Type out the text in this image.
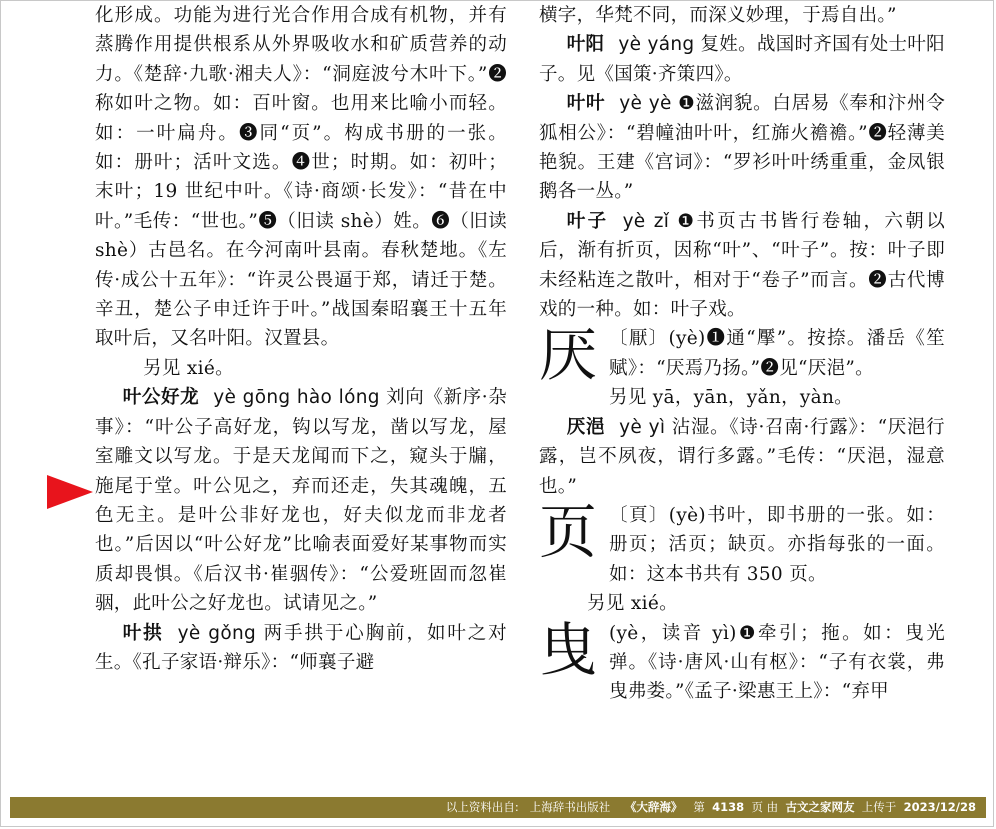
化形成。功能为进行光合作用合成有机物，并有蒸腾作用提供根系从外界吸收水和矿质营养的动力。《楚辞·九歌·湘夫人》：“洞庭波兮木叶下。”❷称如叶之物。如：百叶窗。也用来比喻小而轻。如：一叶扁舟。❸同“页”。构成书册的一张。如：册叶；活叶文选。❹世；时期。如：初叶；末叶；19 世纪中叶。《诗·商颂·长发》：“昔在中叶。”毛传：“世也。”❺（旧读 shè）姓。❻（旧读 shè）古邑名。在今河南叶县南。春秋楚地。《左传·成公十五年》：“许灵公畏逼于郑，请迁于楚。辛丑，楚公子申迁许于叶。”战国秦昭襄王十五年取叶后，又名叶阳。汉置县。

另见 xié。

叶公好龙 yè gōng hào lóng 刘向《新序·杂事》：“叶公子高好龙，钩以写龙，凿以写龙，屋室雕文以写龙。于是天龙闻而下之，窥头于牖，施尾于堂。叶公见之，弃而还走，失其魂魄，五色无主。是叶公非好龙也，好夫似龙而非龙者也。”后因以“叶公好龙”比喻表面爱好某事物而实质却畏惧。《后汉书·崔骃传》：“公爱班固而忽崔骃，此叶公之好龙也。试请见之。”

叶拱 yè gǒng 两手拱于心胸前，如叶之对生。《孔子家语·辩乐》：“师襄子避

横字，华梵不同，而深义妙理，于焉自出。”

叶阳 yè yáng 复姓。战国时齐国有处士叶阳子。见《国策·齐策四》。

叶叶 yè yè ❶滋润貌。白居易《奉和汴州令狐相公》：“碧幢油叶叶，红旆火襜襜。”❷轻薄美艳貌。王建《宫词》：“罗衫叶叶绣重重，金凤银鹅各一丛。”

叶子 yè zǐ ❶书页古书皆行卷轴，六朝以后，渐有折页，因称“叶”、“叶子”。按：叶子即未经粘连之散叶，相对于“卷子”而言。❷古代博戏的一种。如：叶子戏。

厌 〔厭〕(yè)❶通“擪”。按捺。潘岳《笙赋》：“厌焉乃扬。”❷见“厌浥”。

另见 yā，yān，yǎn，yàn。

厌浥 yè yì 沾湿。《诗·召南·行露》：“厌浥行露，岂不夙夜，谓行多露。”毛传：“厌浥，湿意也。”

页 〔頁〕(yè)书叶，即书册的一张。如：册页；活页；缺页。亦指每张的一面。如：这本书共有 350 页。

另见 xié。

曳 (yè，读音 yì)❶牵引；拖。如：曳光弹。《诗·唐风·山有枢》：“子有衣裳，弗曳弗娄。”《孟子·梁惠王上》：“弃甲

以上资料出自: 上海辞书出版社 《大辞海》 第 4138 页 由 古文之家网友 上传于 2023/12/28
